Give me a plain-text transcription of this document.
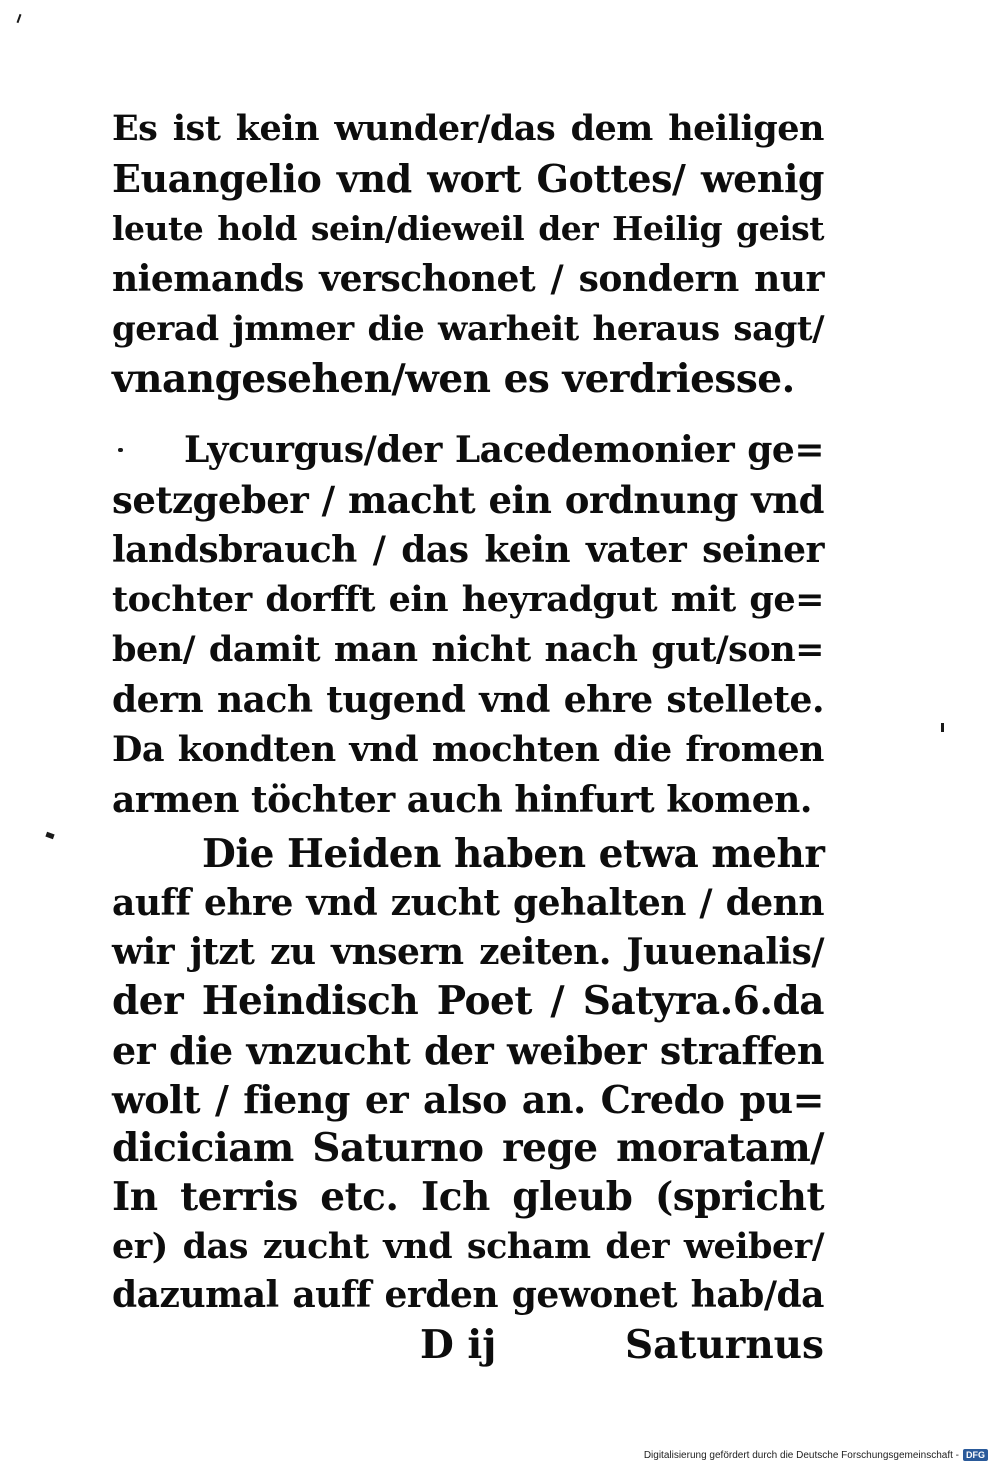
Es ist kein wunder/das dem heiligen
Euangelio vnd wort Gottes/ wenig
leute hold sein/dieweil der Heilig geist
niemands verschonet / sondern nur
gerad jmmer die warheit heraus sagt/
vnangesehen/wen es verdriesse.
Lycurgus/der Lacedemonier ge=
setzgeber / macht ein ordnung vnd
landsbrauch / das kein vater seiner
tochter dorfft ein heyradgut mit ge=
ben/ damit man nicht nach gut/son=
dern nach tugend vnd ehre stellete.
Da kondten vnd mochten die fromen
armen töchter auch hinfurt komen.
Die Heiden haben etwa mehr
auff ehre vnd zucht gehalten / denn
wir jtzt zu vnsern zeiten. Juuenalis/
der Heindisch Poet / Satyra.6.da
er die vnzucht der weiber straffen
wolt / fieng er also an. Credo pu=
diciciam Saturno rege moratam/
In terris etc. Ich gleub (spricht
er) das zucht vnd scham der weiber/
dazumal auff erden gewonet hab/da
D ij	Saturnus
Digitalisierung gefördert durch die Deutsche Forschungsgemeinschaft - DFG
